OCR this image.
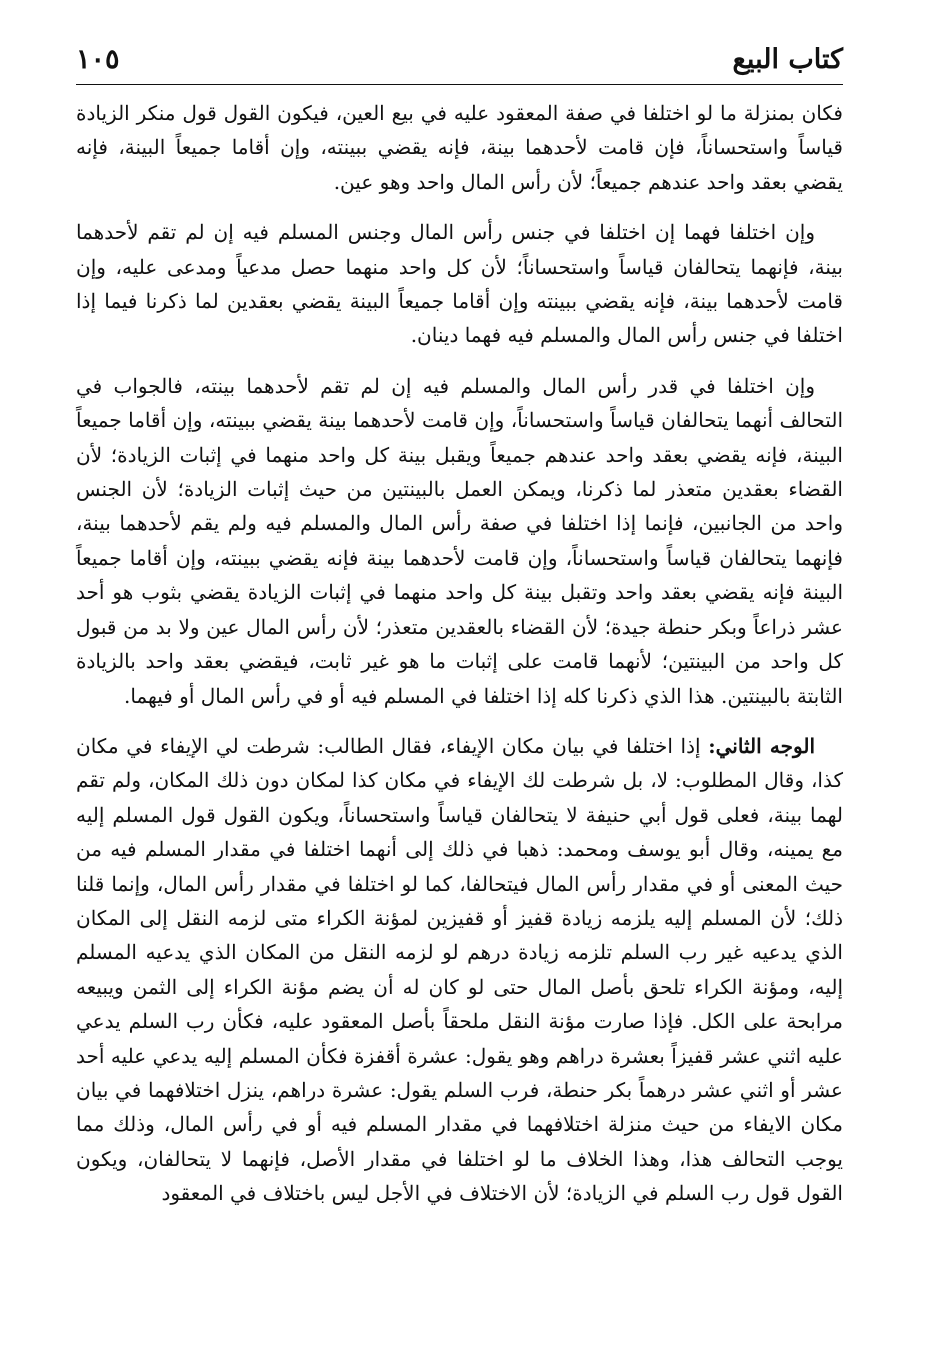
كتاب البيع
١٠٥

فكان بمنزلة ما لو اختلفا في صفة المعقود عليه في بيع العين، فيكون القول قول منكر الزيادة قياساً واستحساناً، فإن قامت لأحدهما بينة، فإنه يقضي ببينته، وإن أقاما جميعاً البينة، فإنه يقضي بعقد واحد عندهم جميعاً؛ لأن رأس المال واحد وهو عين.

وإن اختلفا فهما إن اختلفا في جنس رأس المال وجنس المسلم فيه إن لم تقم لأحدهما بينة، فإنهما يتحالفان قياساً واستحساناً؛ لأن كل واحد منهما حصل مدعياً ومدعى عليه، وإن قامت لأحدهما بينة، فإنه يقضي ببينته وإن أقاما جميعاً البينة يقضي بعقدين لما ذكرنا فيما إذا اختلفا في جنس رأس المال والمسلم فيه فهما دينان.

وإن اختلفا في قدر رأس المال والمسلم فيه إن لم تقم لأحدهما بينته، فالجواب في التحالف أنهما يتحالفان قياساً واستحساناً، وإن قامت لأحدهما بينة يقضي ببينته، وإن أقاما جميعاً البينة، فإنه يقضي بعقد واحد عندهم جميعاً ويقبل بينة كل واحد منهما في إثبات الزيادة؛ لأن القضاء بعقدين متعذر لما ذكرنا، ويمكن العمل بالبينتين من حيث إثبات الزيادة؛ لأن الجنس واحد من الجانبين، فإنما إذا اختلفا في صفة رأس المال والمسلم فيه ولم يقم لأحدهما بينة، فإنهما يتحالفان قياساً واستحساناً، وإن قامت لأحدهما بينة فإنه يقضي ببينته، وإن أقاما جميعاً البينة فإنه يقضي بعقد واحد وتقبل بينة كل واحد منهما في إثبات الزيادة يقضي بثوب هو أحد عشر ذراعاً وبكر حنطة جيدة؛ لأن القضاء بالعقدين متعذر؛ لأن رأس المال عين ولا بد من قبول كل واحد من البينتين؛ لأنهما قامت على إثبات ما هو غير ثابت، فيقضي بعقد واحد بالزيادة الثابتة بالبينتين. هذا الذي ذكرنا كله إذا اختلفا في المسلم فيه أو في رأس المال أو فيهما.

الوجه الثاني: إذا اختلفا في بيان مكان الإيفاء، فقال الطالب: شرطت لي الإيفاء في مكان كذا، وقال المطلوب: لا، بل شرطت لك الإيفاء في مكان كذا لمكان دون ذلك المكان، ولم تقم لهما بينة، فعلى قول أبي حنيفة لا يتحالفان قياساً واستحساناً، ويكون القول قول المسلم إليه مع يمينه، وقال أبو يوسف ومحمد: ذهبا في ذلك إلى أنهما اختلفا في مقدار المسلم فيه من حيث المعنى أو في مقدار رأس المال فيتحالفا، كما لو اختلفا في مقدار رأس المال، وإنما قلنا ذلك؛ لأن المسلم إليه يلزمه زيادة قفيز أو قفيزين لمؤنة الكراء متى لزمه النقل إلى المكان الذي يدعيه غير رب السلم تلزمه زيادة درهم لو لزمه النقل من المكان الذي يدعيه المسلم إليه، ومؤنة الكراء تلحق بأصل المال حتى لو كان له أن يضم مؤنة الكراء إلى الثمن ويبيعه مرابحة على الكل. فإذا صارت مؤنة النقل ملحقاً بأصل المعقود عليه، فكأن رب السلم يدعي عليه اثني عشر قفيزاً بعشرة دراهم وهو يقول: عشرة أقفزة فكأن المسلم إليه يدعي عليه أحد عشر أو اثني عشر درهماً بكر حنطة، فرب السلم يقول: عشرة دراهم، ينزل اختلافهما في بيان مكان الايفاء من حيث منزلة اختلافهما في مقدار المسلم فيه أو في رأس المال، وذلك مما يوجب التحالف هذا، وهذا الخلاف ما لو اختلفا في مقدار الأصل، فإنهما لا يتحالفان، ويكون القول قول رب السلم في الزيادة؛ لأن الاختلاف في الأجل ليس باختلاف في المعقود
